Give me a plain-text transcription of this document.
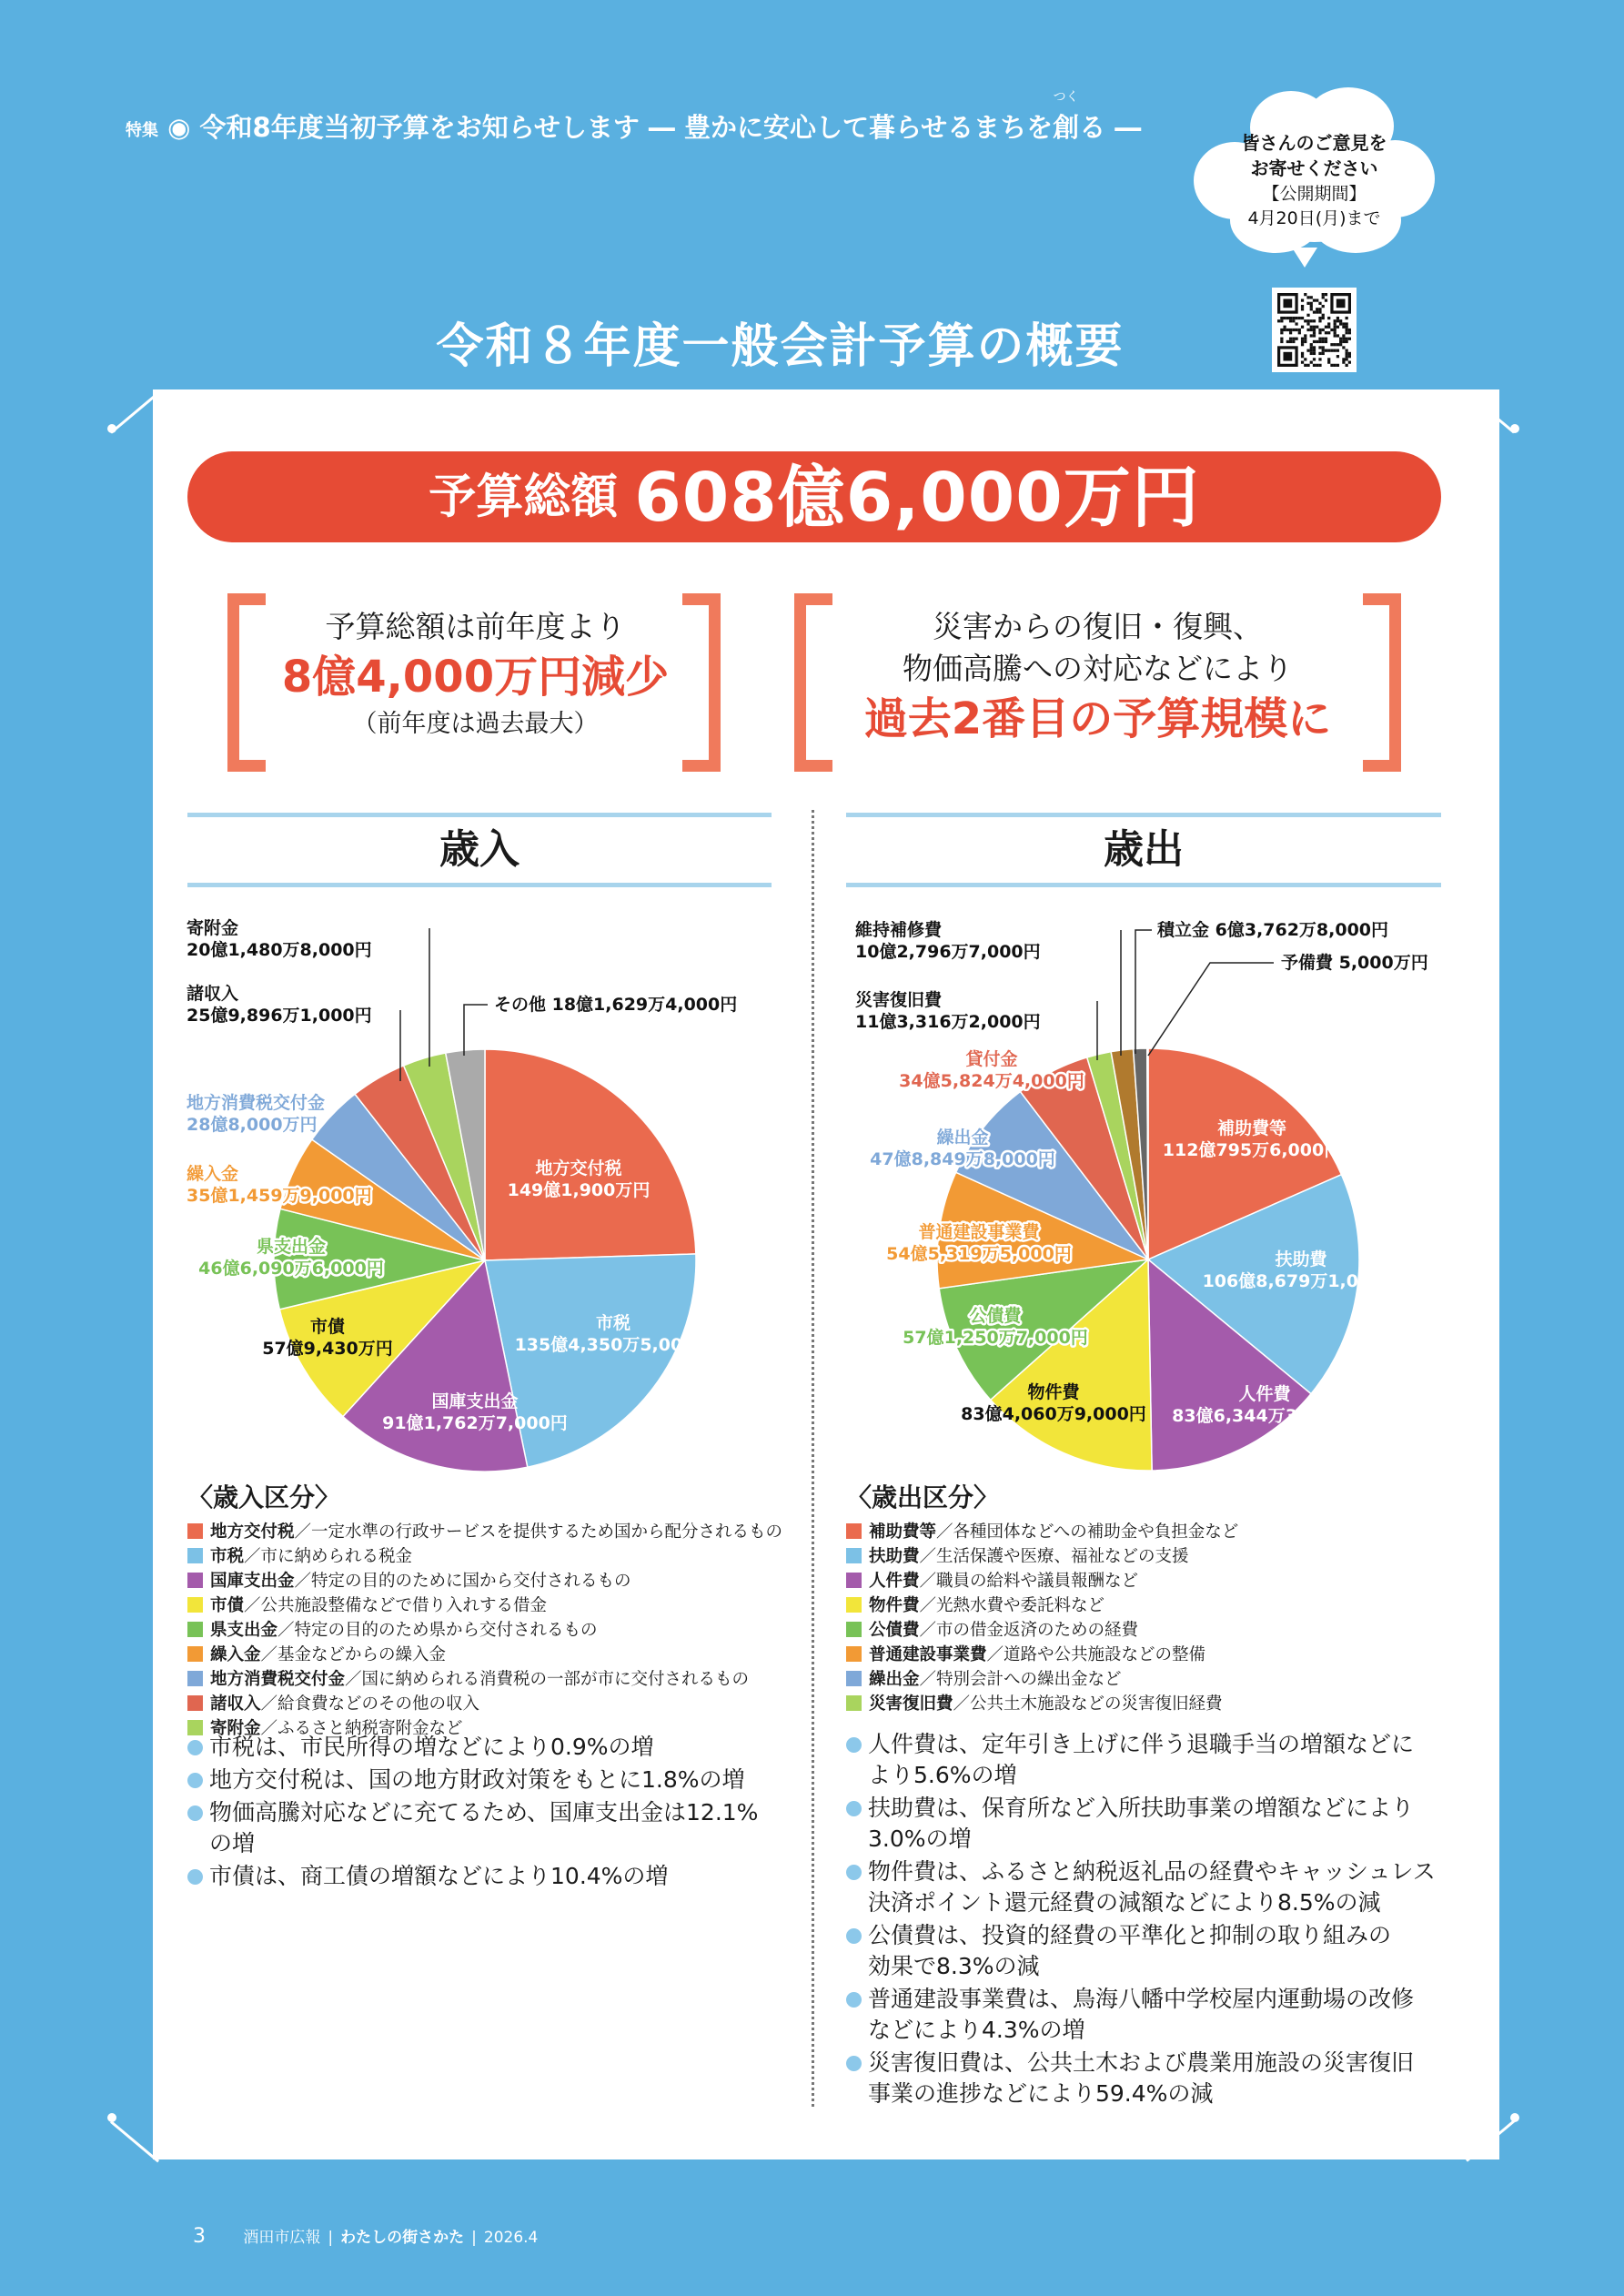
特集 ◉ 令和8年度当初予算をお知らせします ― 豊かに安心して暮らせるまちを創
つく
る ―	皆さんのご意見を
お寄せください
【公開期間】
4月20日(月)まで
令和８年度一般会計予算の概要
予算総額 608億6,000万円
予算総額は前年度より
8億4,000万円減少
（前年度は過去最大）
災害からの復旧・復興、
物価高騰への対応などにより
過去2番目の予算規模に
歳入	歳出
地方交付税
149億1,900万円
市税
135億4,350万5,000円
国庫支出金
91億1,762万7,000円
市債
57億9,430万円
県支出金
46億6,090万6,000円
繰入金
35億1,459万9,000円
地方消費税交付金
28億8,000万円
諸収入
25億9,896万1,000円
寄附金
20億1,480万8,000円
その他 18億1,629万4,000円
補助費等
112億795万6,000円
扶助費
106億8,679万1,000円
人件費
83億6,344万3,000円
物件費
83億4,060万9,000円
公債費
57億1,250万7,000円
普通建設事業費
54億5,319万5,000円
繰出金
47億8,849万8,000円
貸付金
34億5,824万4,000円
災害復旧費
11億3,316万2,000円
維持補修費
10億2,796万7,000円
積立金 6億3,762万8,000円
予備費 5,000万円
〈歳入区分〉
地方交付税／一定水準の行政サービスを提供するため国から配分されるもの
市税／市に納められる税金
国庫支出金／特定の目的のために国から交付されるもの
市債／公共施設整備などで借り入れする借金
県支出金／特定の目的のため県から交付されるもの
繰入金／基金などからの繰入金
地方消費税交付金／国に納められる消費税の一部が市に交付されるもの
諸収入／給食費などのその他の収入
寄附金／ふるさと納税寄附金など
〈歳出区分〉
補助費等／各種団体などへの補助金や負担金など
扶助費／生活保護や医療、福祉などの支援
人件費／職員の給料や議員報酬など
物件費／光熱水費や委託料など
公債費／市の借金返済のための経費
普通建設事業費／道路や公共施設などの整備
繰出金／特別会計への繰出金など
災害復旧費／公共土木施設などの災害復旧経費
市税は、市民所得の増などにより0.9%の増
地方交付税は、国の地方財政対策をもとに1.8%の増
物価高騰対応などに充てるため、国庫支出金は12.1%
の増
市債は、商工債の増額などにより10.4%の増
人件費は、定年引き上げに伴う退職手当の増額などに
より5.6%の増
扶助費は、保育所など入所扶助事業の増額などにより
3.0%の増
物件費は、ふるさと納税返礼品の経費やキャッシュレス
決済ポイント還元経費の減額などにより8.5%の減
公債費は、投資的経費の平準化と抑制の取り組みの
効果で8.3%の減
普通建設事業費は、鳥海八幡中学校屋内運動場の改修
などにより4.3%の増
災害復旧費は、公共土木および農業用施設の災害復旧
事業の進捗などにより59.4%の減
3 酒田市広報 | わたしの街さかた | 2026.4
